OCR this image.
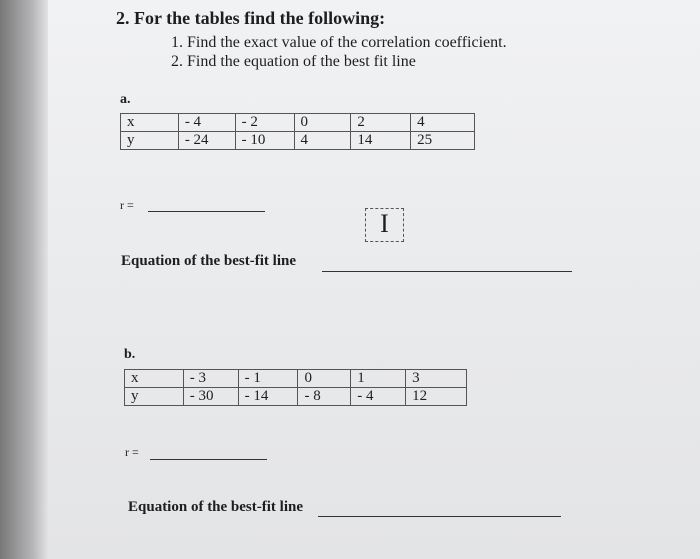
2. For the tables find the following:
1. Find the exact value of the correlation coefficient.
2. Find the equation of the best fit line
a.
x	- 4	- 2	0	2	4
y	- 24	- 10	4	14	25
r =
I
Equation of the best-fit line
b.
x	- 3	- 1	0	1	3
y	- 30	- 14	- 8	- 4	12
r =
Equation of the best-fit line
